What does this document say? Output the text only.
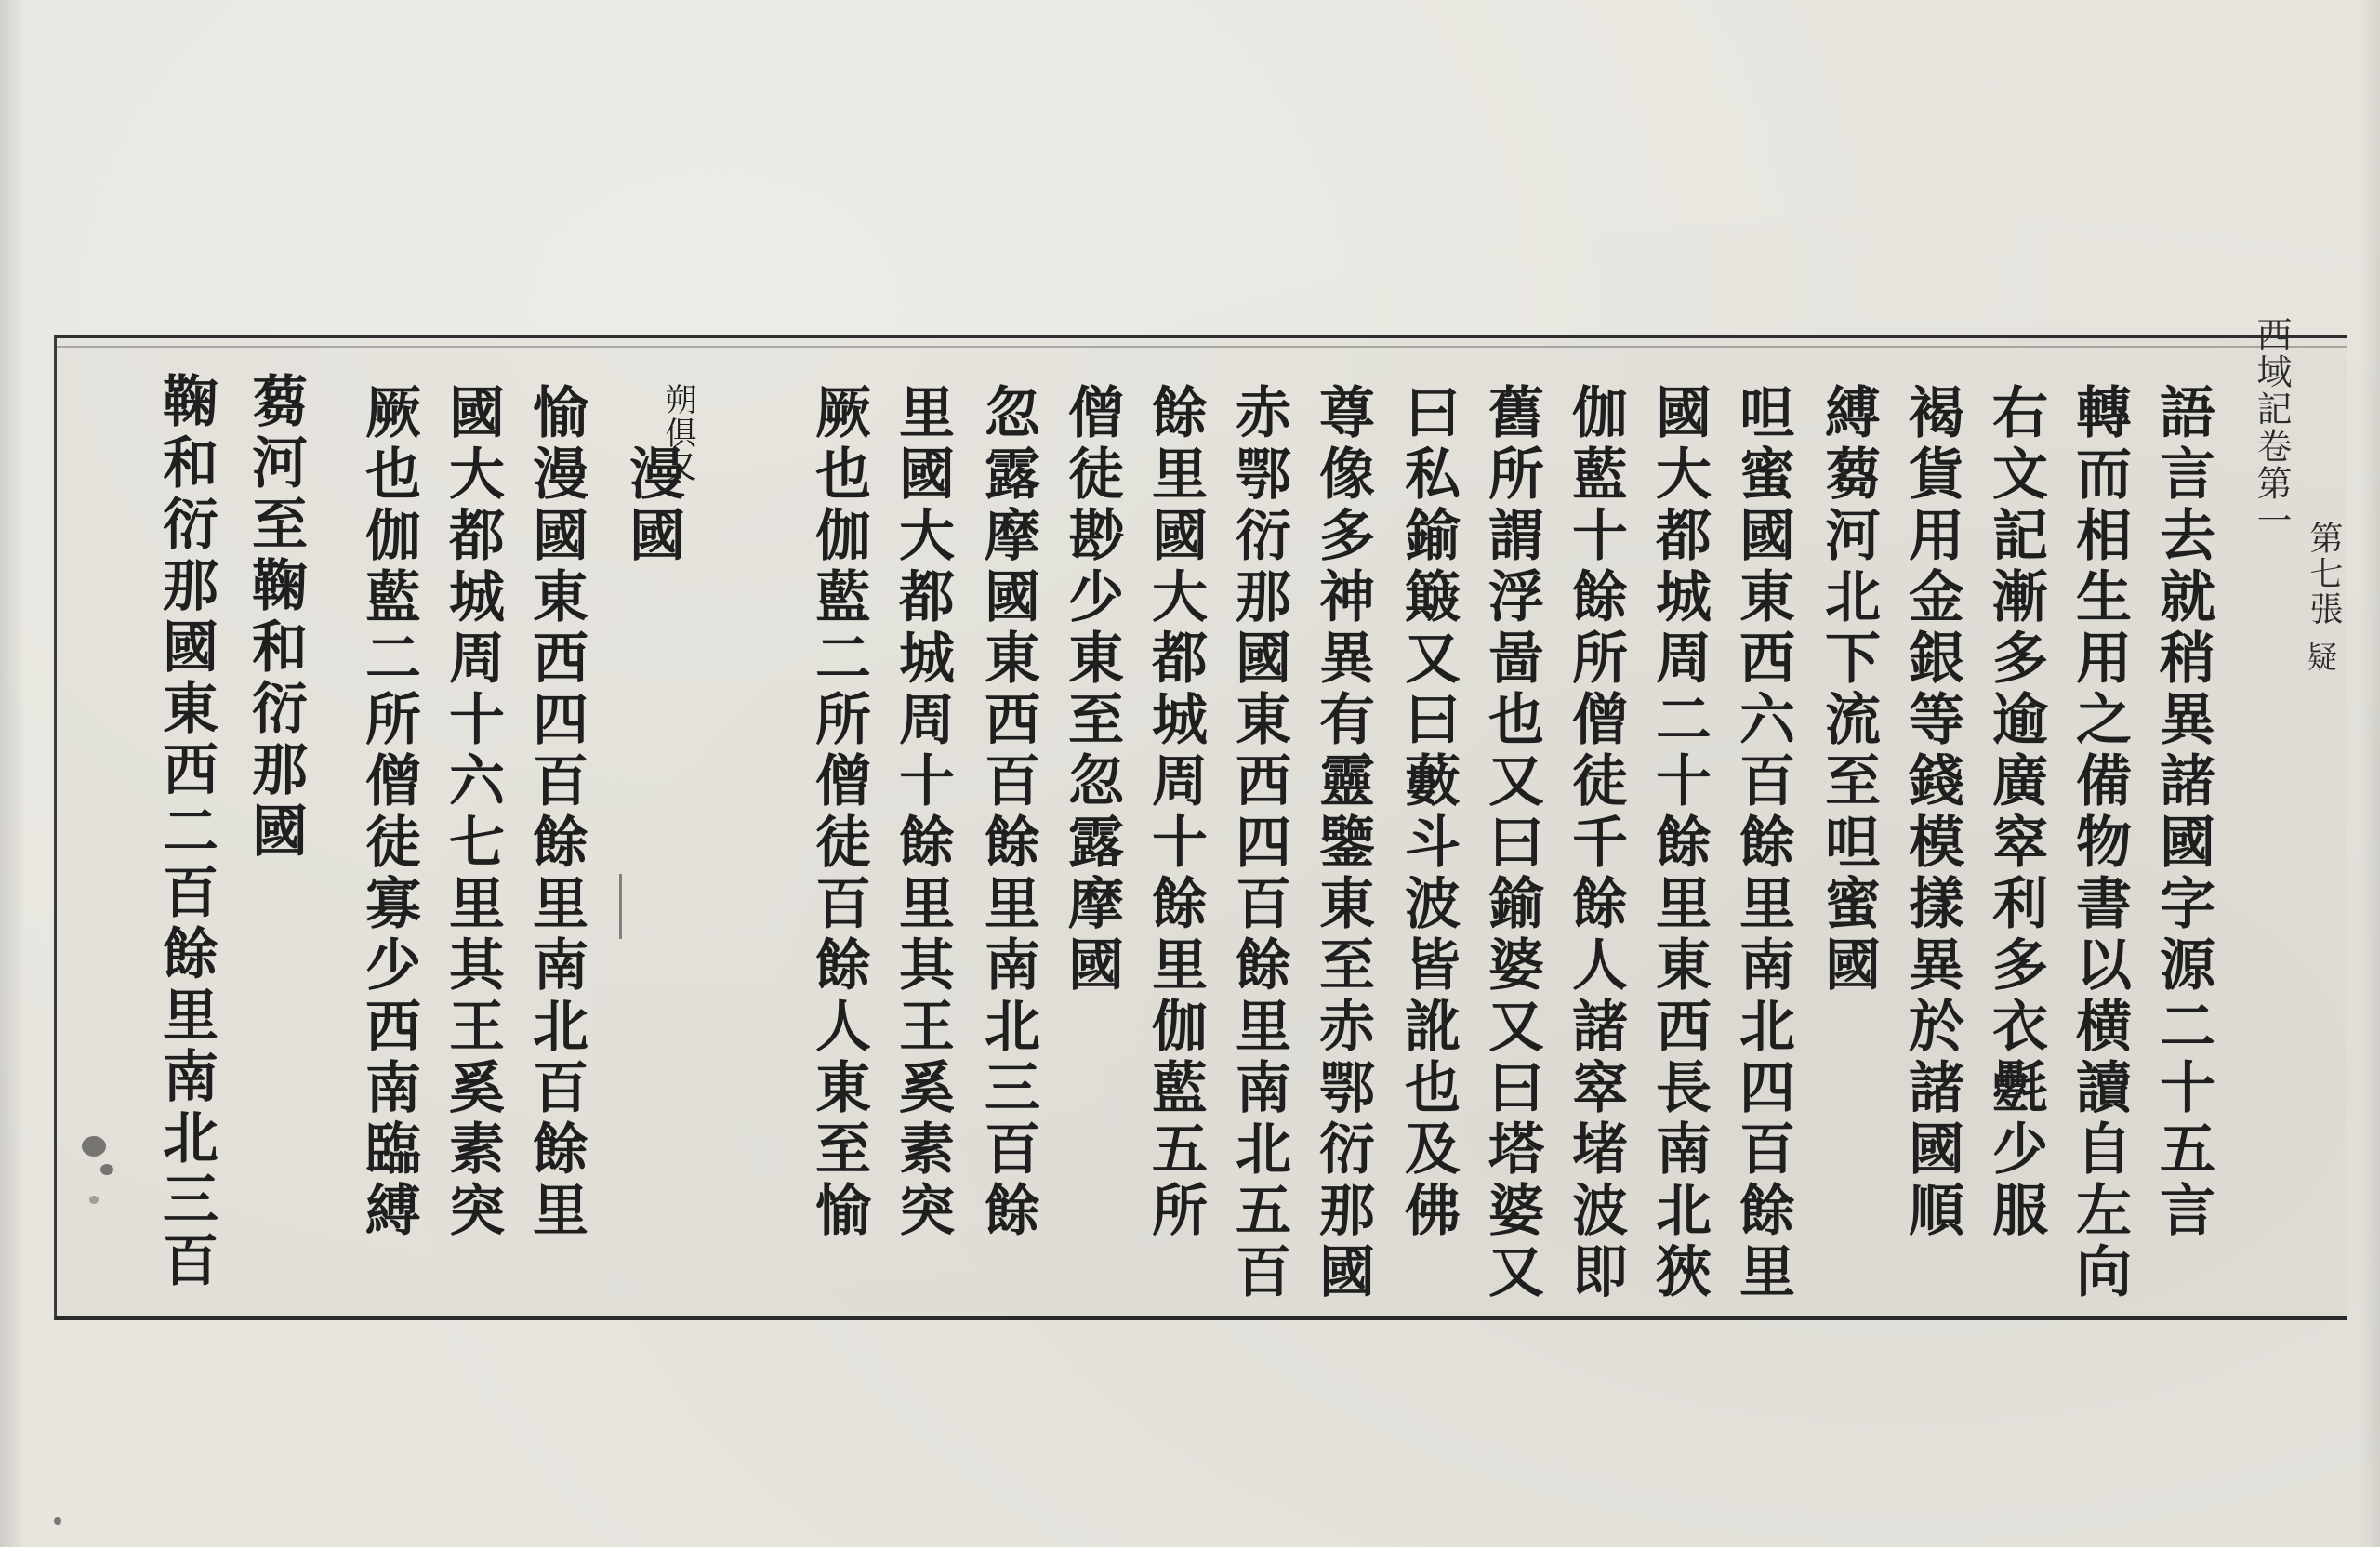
西域記卷第一
第七張
疑
語言去就稍異諸國字源二十五言
轉而相生用之備物書以横讀自左向
右文記漸多逾廣窣利多衣氎少服
褐貨用金銀等錢模㨾異於諸國順
縛蒭河北下流至呾蜜國
呾蜜國東西六百餘里南北四百餘里
國大都城周二十餘里東西長南北狹
伽藍十餘所僧徒千餘人諸窣堵波即
舊所謂浮啚也又曰鍮婆又曰塔婆又
曰私鍮簸又曰藪斗波皆訛也及佛
尊像多神異有靈鑒東至赤鄂衍那國
赤鄂衍那國東西四百餘里南北五百
餘里國大都城周十餘里伽藍五所
僧徒尠少東至忽露摩國
忽露摩國東西百餘里南北三百餘
里國大都城周十餘里其王奚素突
厥也伽藍二所僧徒百餘人東至愉
朔俱又
漫國
愉漫國東西四百餘里南北百餘里
國大都城周十六七里其王奚素突
厥也伽藍二所僧徒寡少西南臨縛
蒭河至鞠和衍那國
鞠和衍那國東西二百餘里南北三百
